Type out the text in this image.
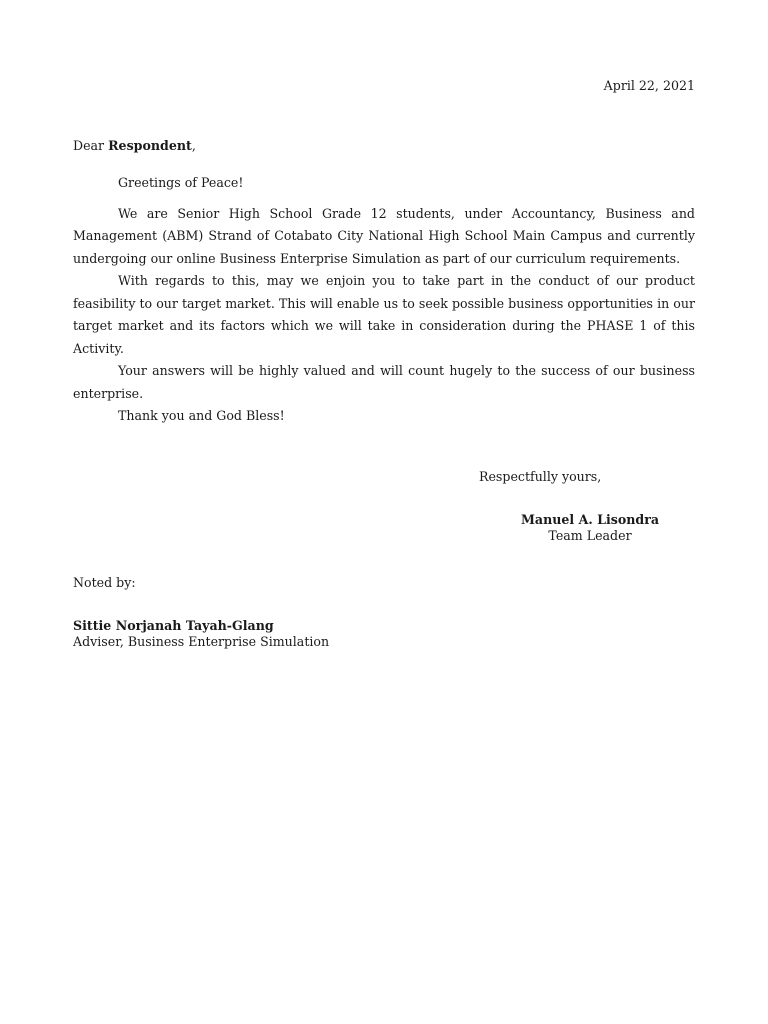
April 22, 2021
Dear Respondent,

Greetings of Peace!

We are Senior High School Grade 12 students, under Accountancy, Business and Management (ABM) Strand of Cotabato City National High School Main Campus and currently undergoing our online Business Enterprise Simulation as part of our curriculum requirements.

With regards to this, may we enjoin you to take part in the conduct of our product feasibility to our target market. This will enable us to seek possible business opportunities in our target market and its factors which we will take in consideration during the PHASE 1 of this Activity.

Your answers will be highly valued and will count hugely to the success of our business enterprise.

Thank you and God Bless!

Respectfully yours,
Manuel A. Lisondra
Team Leader
Noted by:
Sittie Norjanah Tayah-Glang
Adviser, Business Enterprise Simulation
